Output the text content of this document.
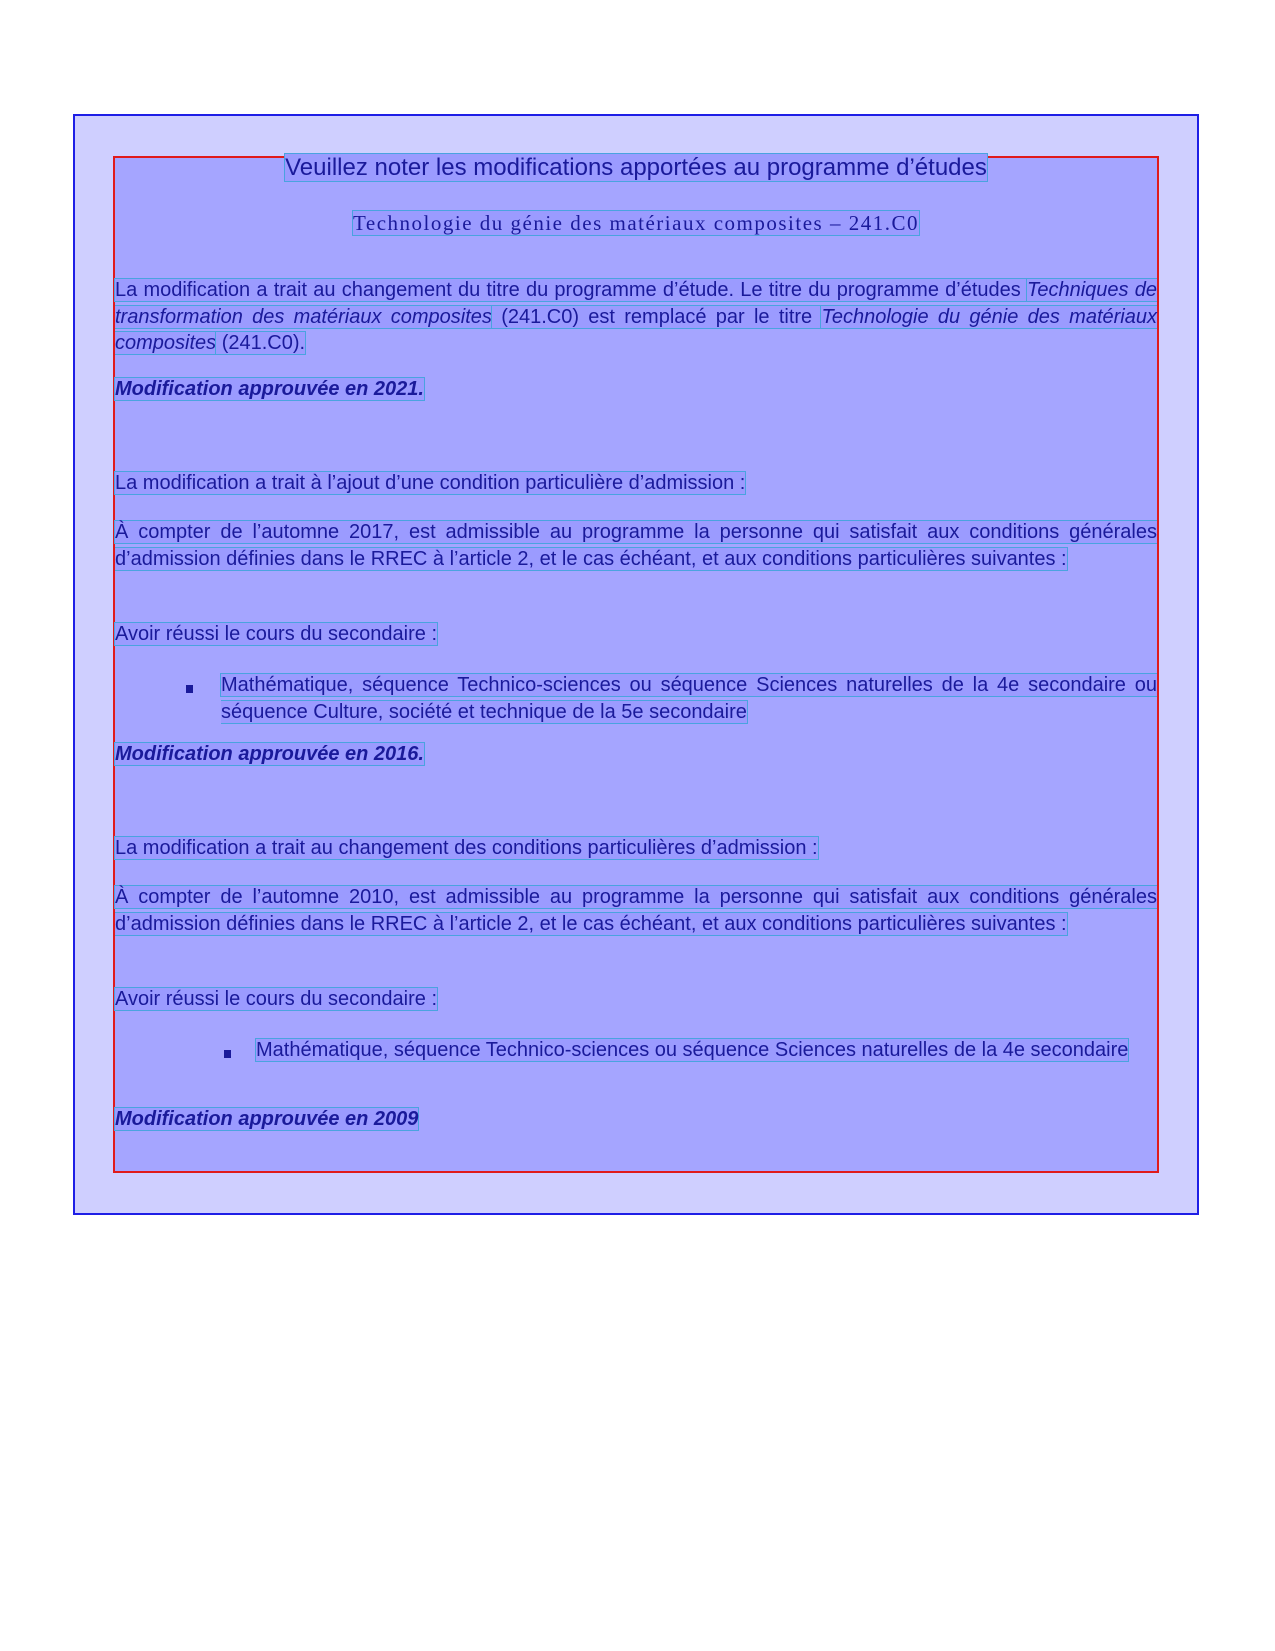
Veuillez noter les modifications apportées au programme d’études
Technologie du génie des matériaux composites – 241.C0
La modification a trait au changement du titre du programme d’étude. Le titre du programme d’études Techniques de transformation des matériaux composites (241.C0) est remplacé par le titre Technologie du génie des matériaux composites (241.C0).
Modification approuvée en 2021.
La modification a trait à l’ajout d’une condition particulière d’admission :
À compter de l’automne 2017, est admissible au programme la personne qui satisfait aux conditions générales d’admission définies dans le RREC à l’article 2, et le cas échéant, et aux conditions particulières suivantes :
Avoir réussi le cours du secondaire :
Mathématique, séquence Technico-sciences ou séquence Sciences naturelles de la 4e secondaire ou séquence Culture, société et technique de la 5e secondaire
Modification approuvée en 2016.
La modification a trait au changement des conditions particulières d’admission :
À compter de l’automne 2010, est admissible au programme la personne qui satisfait aux conditions générales d’admission définies dans le RREC à l’article 2, et le cas échéant, et aux conditions particulières suivantes :
Avoir réussi le cours du secondaire :
Mathématique, séquence Technico-sciences ou séquence Sciences naturelles de la 4e secondaire
Modification approuvée en 2009
